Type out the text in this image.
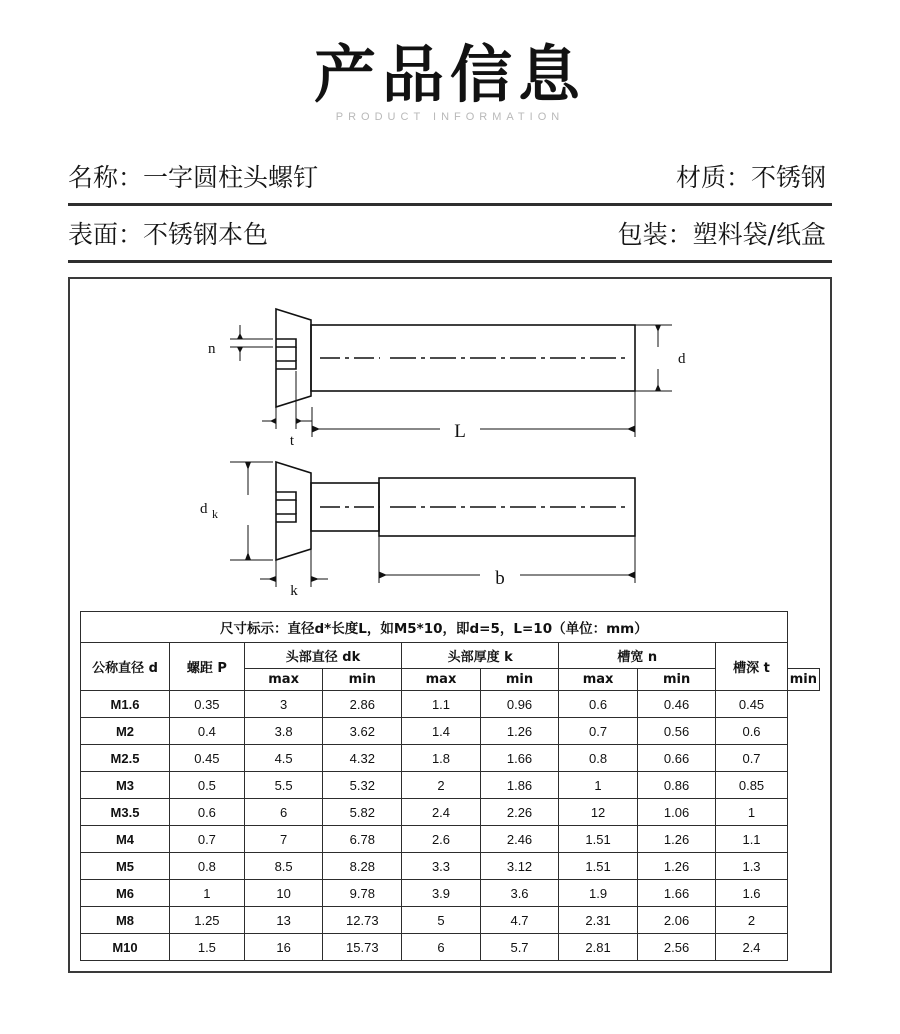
产品信息
PRODUCT INFORMATION
名称：一字圆柱头螺钉	材质：不锈钢
表面：不锈钢本色	包装：塑料袋/纸盒
n
t
d
L
d k
k
b
尺寸标示：直径d*长度L，如M5*10，即d=5，L=10（单位：mm）									
公称直径 d	螺距 P	头部直径 dk		头部厚度 k		槽宽 n		槽深 t	
		max	min	max	min	max	min		min
M1.6	0.35	3	2.86	1.1	0.96	0.6	0.46	0.45	
M2	0.4	3.8	3.62	1.4	1.26	0.7	0.56	0.6	
M2.5	0.45	4.5	4.32	1.8	1.66	0.8	0.66	0.7	
M3	0.5	5.5	5.32	2	1.86	1	0.86	0.85	
M3.5	0.6	6	5.82	2.4	2.26	12	1.06	1	
M4	0.7	7	6.78	2.6	2.46	1.51	1.26	1.1	
M5	0.8	8.5	8.28	3.3	3.12	1.51	1.26	1.3	
M6	1	10	9.78	3.9	3.6	1.9	1.66	1.6	
M8	1.25	13	12.73	5	4.7	2.31	2.06	2	
M10	1.5	16	15.73	6	5.7	2.81	2.56	2.4	
